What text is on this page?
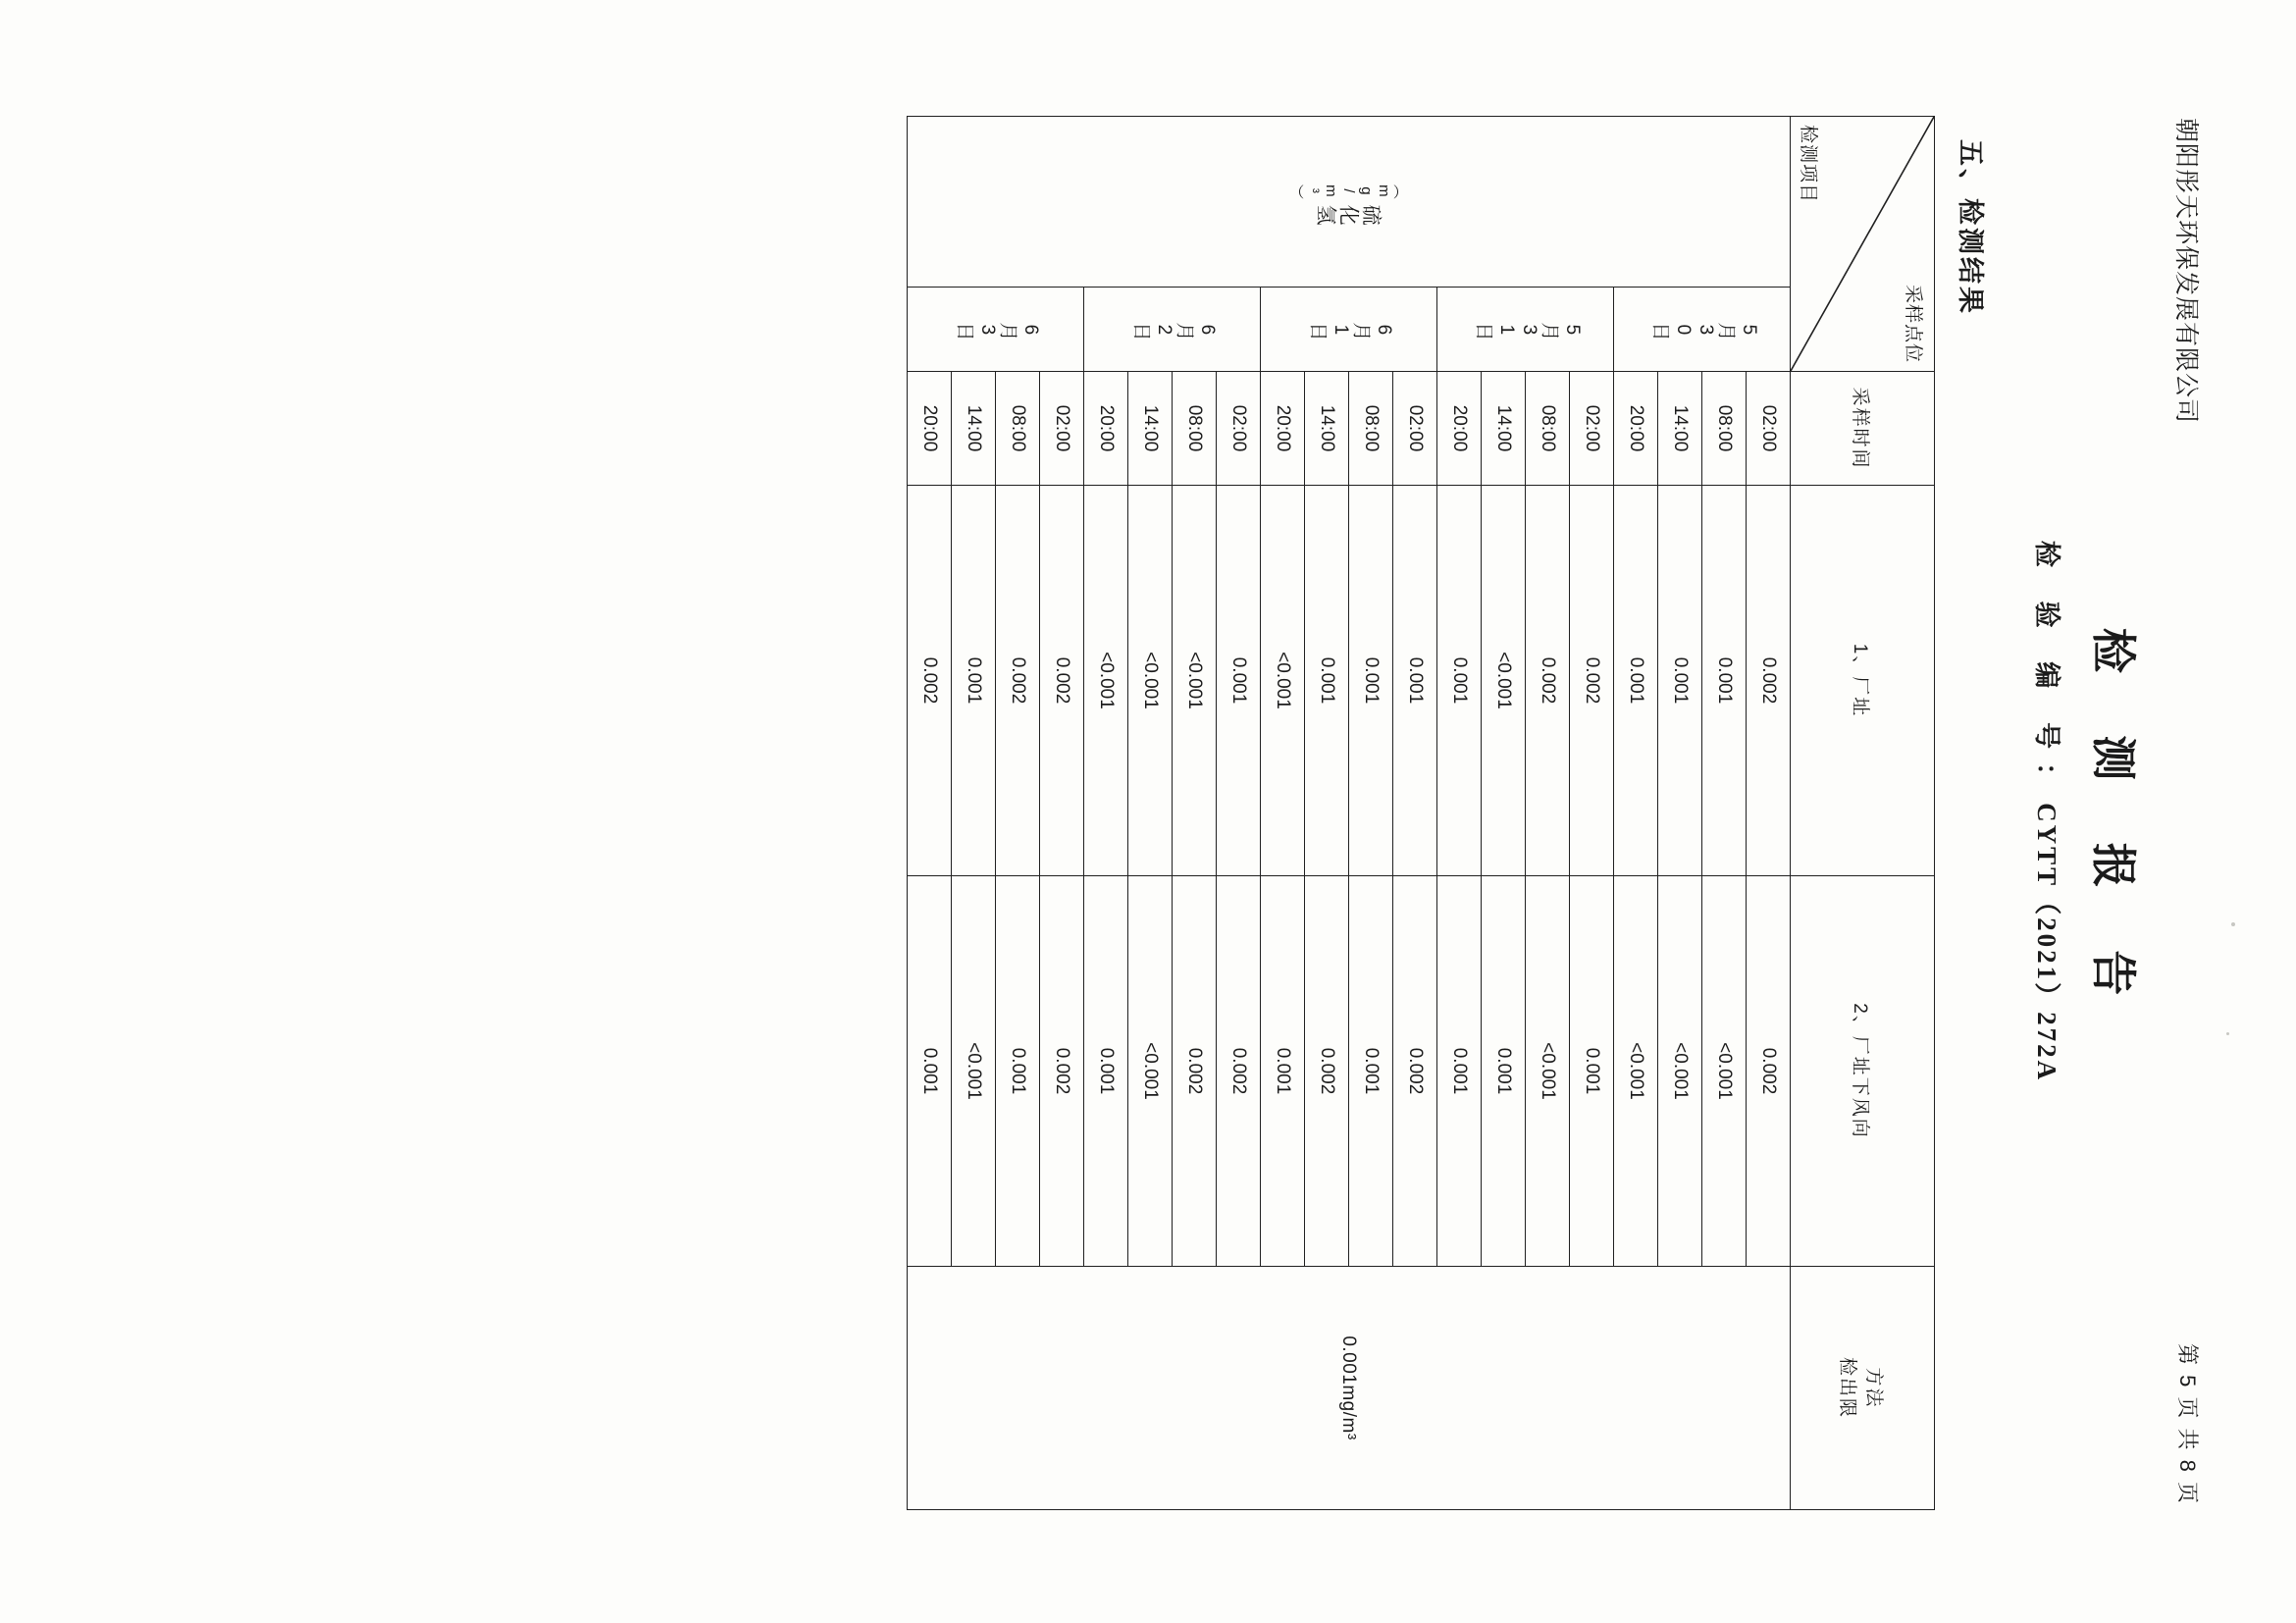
朝阳彤天环保发展有限公司
第 5 页 共 8 页
检 测 报 告
检 验 编 号：CYTT（2021）272A
五、检测结果
检测项目
采样点位
	采样时间	1、厂址	2、厂址下风向	
方法
检出限

硫化氢
（mg/m³）	5月30日	02:00	0.002	0.002	0.001mg/m³
		08:00	0.001	<0.001	
		14:00	0.001	<0.001	
		20:00	0.001	<0.001	
	5月31日	02:00	0.002	0.001	
		08:00	0.002	<0.001	
		14:00	<0.001	0.001	
		20:00	0.001	0.001	
	6月1日	02:00	0.001	0.002	
		08:00	0.001	0.001	
		14:00	0.001	0.002	
		20:00	<0.001	0.001	
	6月2日	02:00	0.001	0.002	
		08:00	<0.001	0.002	
		14:00	<0.001	<0.001	
		20:00	<0.001	0.001	
	6月3日	02:00	0.002	0.002	
		08:00	0.002	0.001	
		14:00	0.001	<0.001	
		20:00	0.002	0.001	
